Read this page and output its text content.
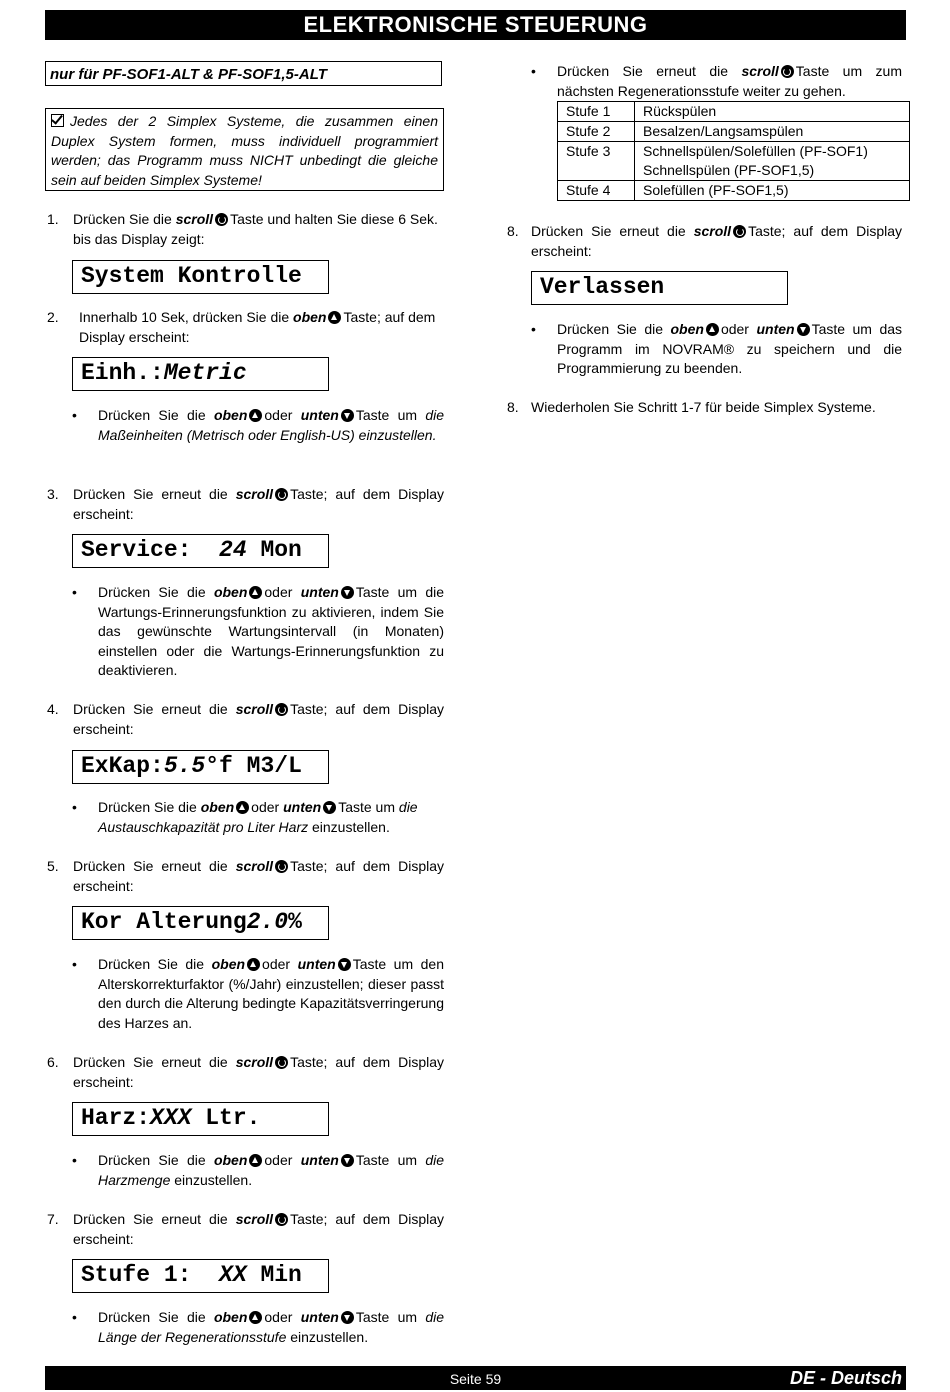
ELEKTRONISCHE STEUERUNG
nur für PF-SOF1-ALT & PF-SOF1,5-ALT
Jedes der 2 Simplex Systeme, die zusammen einen Duplex System formen, muss individuell programmiert werden; das Programm muss NICHT unbedingt die gleiche sein auf beiden Simplex Systeme!
1. Drücken Sie die scroll Taste und halten Sie diese 6 Sek. bis das Display zeigt:
System Kontrolle
2. Innerhalb 10 Sek, drücken Sie die oben Taste; auf dem Display erscheint:
Einh.:Metric
• Drücken Sie die oben oder unten Taste um die Maßeinheiten (Metrisch oder English-US) einzustellen.
3. Drücken Sie erneut die scroll Taste; auf dem Display erscheint:
Service:  24 Mon
• Drücken Sie die oben oder unten Taste um die Wartungs-Erinnerungsfunktion zu aktivieren, indem Sie das gewünschte Wartungsintervall (in Monaten) einstellen oder die Wartungs-Erinnerungsfunktion zu deaktivieren.
4. Drücken Sie erneut die scroll Taste; auf dem Display erscheint:
ExKap:5.5°f M3/L
• Drücken Sie die oben oder unten Taste um die Austauschkapazität pro Liter Harz einzustellen.
5. Drücken Sie erneut die scroll Taste; auf dem Display erscheint:
Kor Alterung2.0%
• Drücken Sie die oben oder unten Taste um den Alterskorrekturfaktor (%/Jahr) einzustellen; dieser passt den durch die Alterung bedingte Kapazitätsverringerung des Harzes an.
6. Drücken Sie erneut die scroll Taste; auf dem Display erscheint:
Harz:XXX Ltr.
• Drücken Sie die oben oder unten Taste um die Harzmenge einzustellen.
7. Drücken Sie erneut die scroll Taste; auf dem Display erscheint:
Stufe 1:  XX Min
• Drücken Sie die oben oder unten Taste um die Länge der Regenerationsstufe einzustellen.
• Drücken Sie erneut die scroll Taste um zum nächsten Regenerationsstufe weiter zu gehen.
Stufe 1	Rückspülen
Stufe 2	Besalzen/Langsamspülen
Stufe 3	Schnellspülen/Solefüllen (PF-SOF1) Schnellspülen (PF-SOF1,5)
Stufe 4	Solefüllen (PF-SOF1,5)
8. Drücken Sie erneut die scroll Taste; auf dem Display erscheint:
Verlassen
• Drücken Sie die oben oder unten Taste um das Programm im NOVRAM® zu speichern und die Programmierung zu beenden.
8. Wiederholen Sie Schritt 1-7 für beide Simplex Systeme.
Seite 59	DE - Deutsch
